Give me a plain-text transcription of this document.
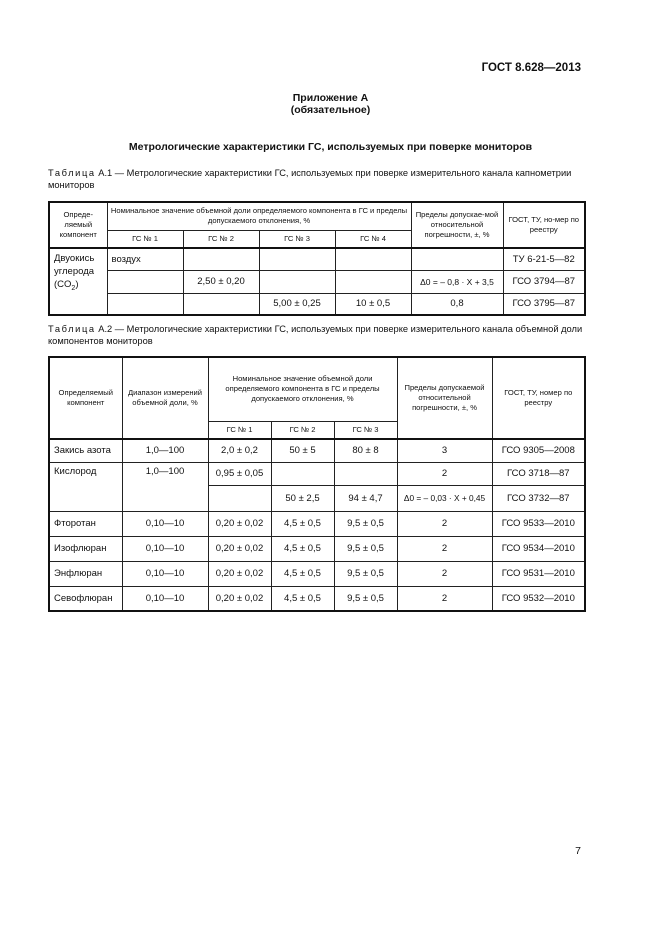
ГОСТ 8.628—2013
Приложение А
(обязательное)
Метрологические характеристики ГС, используемых при поверке мониторов
Таблица А.1 — Метрологические характеристики ГС, используемых при поверке измерительного канала капнометрии мониторов
Опреде-ляемый компонент	Номинальное значение объемной доли определяемого компонента в ГС и пределы допускаемого отклонения, %				Пределы допускае-мой относительной погрешности, ±, %	ГОСТ, ТУ, но-мер по реестру
	ГС № 1	ГС № 2	ГС № 3	ГС № 4		
Двуокись углерода $(CO_2)$	воздух					ТУ 6-21-5—82
		2,50 ± 0,20			Δ0 = – 0,8 · X + 3,5	ГСО 3794—87
			5,00 ± 0,25	10 ± 0,5	0,8	ГСО 3795—87
Таблица А.2 — Метрологические характеристики ГС, используемых при поверке измерительного канала объемной доли компонентов мониторов
Определяемый компонент	Диапазон измерений объемной доли, %	Номинальное значение объемной доли определяемого компонента в ГС и пределы допускаемого отклонения, %			Пределы допускаемой относительной погрешности, ±, %	ГОСТ, ТУ, номер по реестру
		ГС № 1	ГС № 2	ГС № 3		
Закись азота	1,0—100	2,0 ± 0,2	50 ± 5	80 ± 8	3	ГСО 9305—2008
Кислород	1,0—100	0,95 ± 0,05			2	ГСО 3718—87
			50 ± 2,5	94 ± 4,7	Δ0 = – 0,03 · X + 0,45	ГСО 3732—87
Фторотан	0,10—10	0,20 ± 0,02	4,5 ± 0,5	9,5 ± 0,5	2	ГСО 9533—2010
Изофлюран	0,10—10	0,20 ± 0,02	4,5 ± 0,5	9,5 ± 0,5	2	ГСО 9534—2010
Энфлюран	0,10—10	0,20 ± 0,02	4,5 ± 0,5	9,5 ± 0,5	2	ГСО 9531—2010
Севофлюран	0,10—10	0,20 ± 0,02	4,5 ± 0,5	9,5 ± 0,5	2	ГСО 9532—2010
7
